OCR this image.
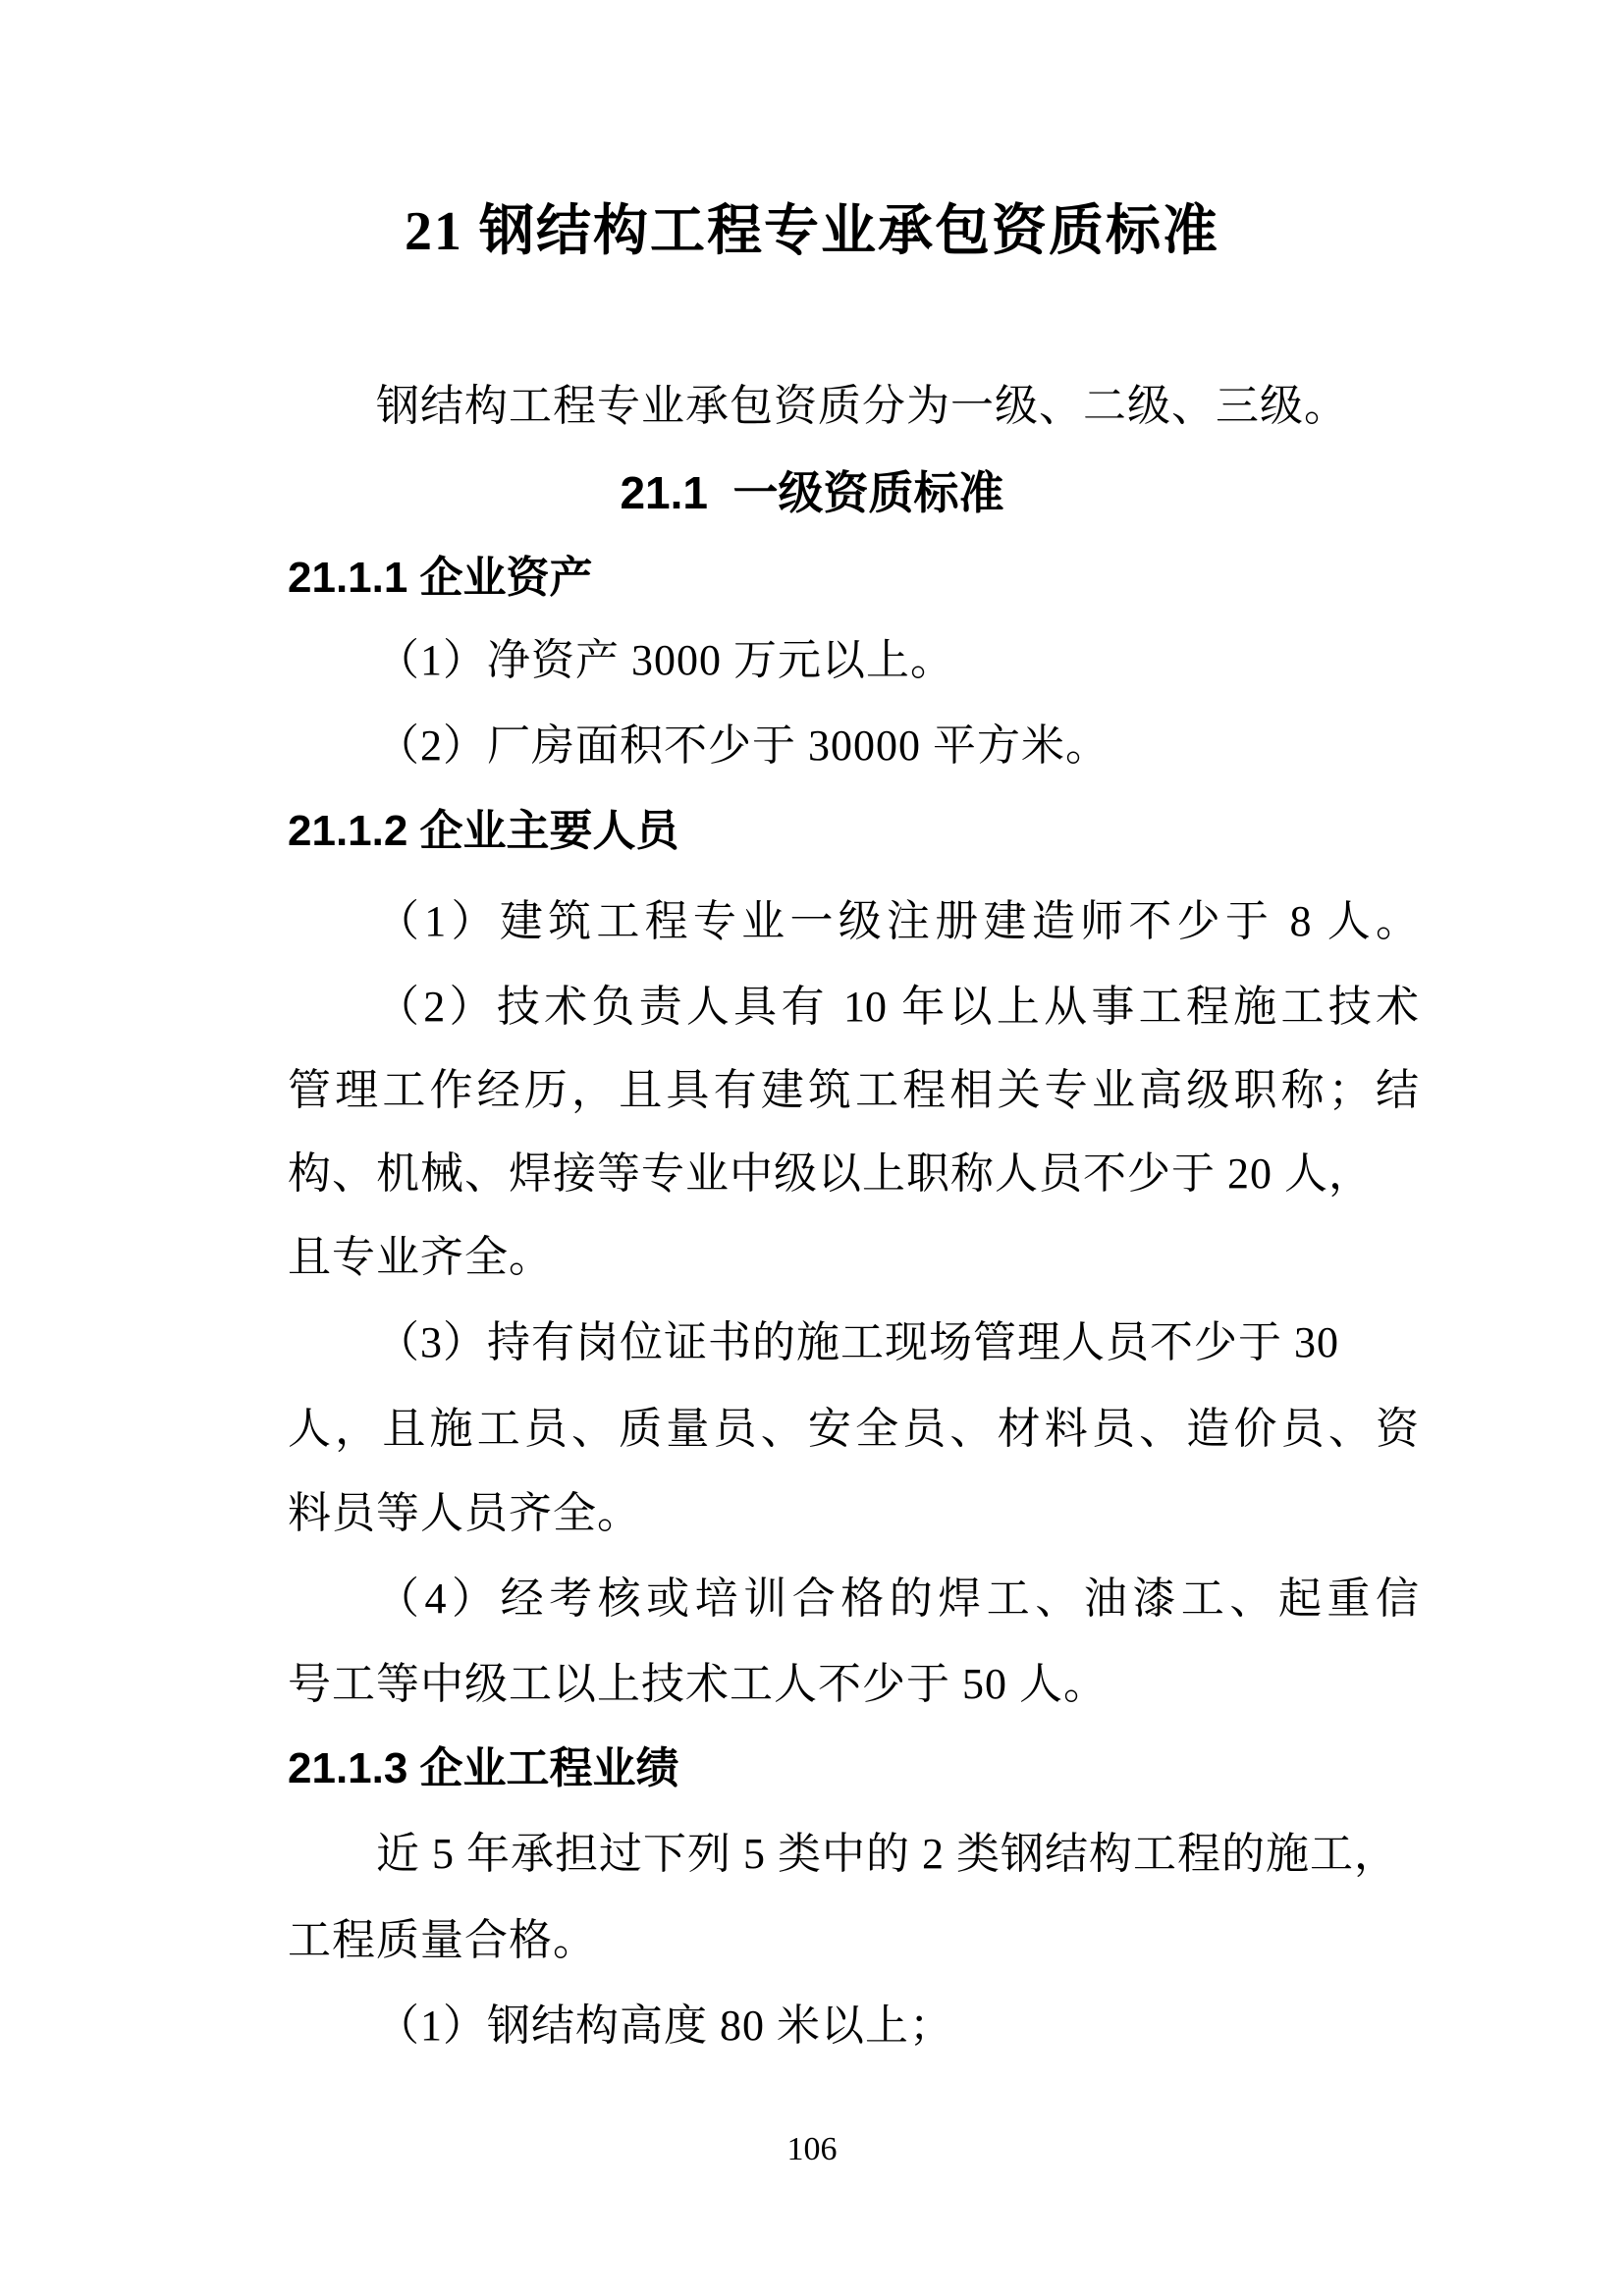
21 钢结构工程专业承包资质标准
钢结构工程专业承包资质分为一级、二级、三级。
21.1  一级资质标准
21.1.1 企业资产
（1）净资产 3000 万元以上。
（2）厂房面积不少于 30000 平方米。
21.1.2 企业主要人员
（1）建筑工程专业一级注册建造师不少于 8 人。
（2）技术负责人具有 10 年以上从事工程施工技术
管理工作经历，且具有建筑工程相关专业高级职称；结
构、机械、焊接等专业中级以上职称人员不少于 20 人，
且专业齐全。
（3）持有岗位证书的施工现场管理人员不少于 30
人，且施工员、质量员、安全员、材料员、造价员、资
料员等人员齐全。
（4）经考核或培训合格的焊工、油漆工、起重信
号工等中级工以上技术工人不少于 50 人。
21.1.3 企业工程业绩
近 5 年承担过下列 5 类中的 2 类钢结构工程的施工，
工程质量合格。
（1）钢结构高度 80 米以上；
106
